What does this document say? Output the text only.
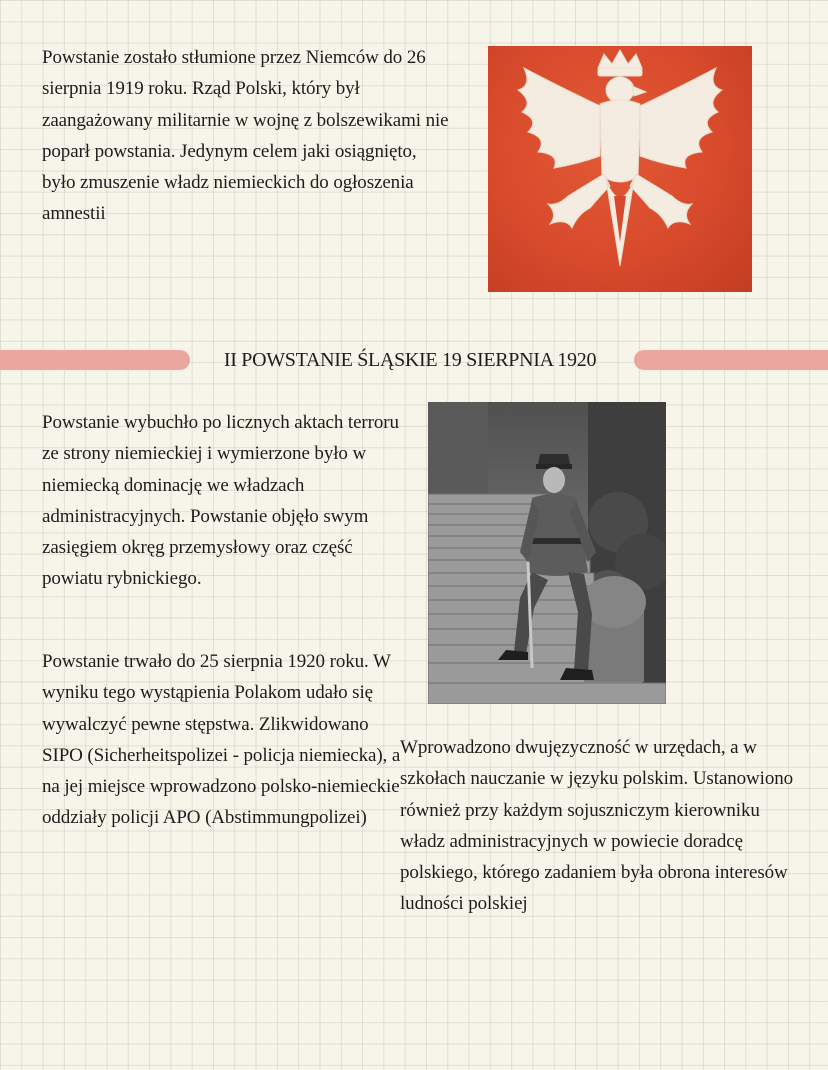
Powstanie zostało stłumione przez Niemców do 26 sierpnia 1919 roku. Rząd Polski, który był zaangażowany militarnie w wojnę z bolszewikami nie poparł powstania. Jedynym celem jaki osiągnięto, było zmuszenie władz niemieckich do ogłoszenia amnestii

II POWSTANIE ŚLĄSKIE 19 SIERPNIA 1920

Powstanie wybuchło po licznych aktach terroru ze strony niemieckiej i wymierzone było w niemiecką dominację we władzach administracyjnych. Powstanie objęło swym zasięgiem okręg przemysłowy oraz część powiatu rybnickiego.

Powstanie trwało do 25 sierpnia 1920 roku. W wyniku tego wystąpienia Polakom udało się wywalczyć pewne stępstwa. Zlikwidowano SIPO (Sicherheitspolizei - policja niemiecka), a na jej miejsce wprowadzono polsko-niemieckie oddziały policji APO (Abstimmungpolizei)

Wprowadzono dwujęzyczność w urzędach, a w szkołach nauczanie w języku polskim. Ustanowiono również przy każdym sojuszniczym kierowniku władz administracyjnych w powiecie doradcę polskiego, którego zadaniem była obrona interesów ludności polskiej
